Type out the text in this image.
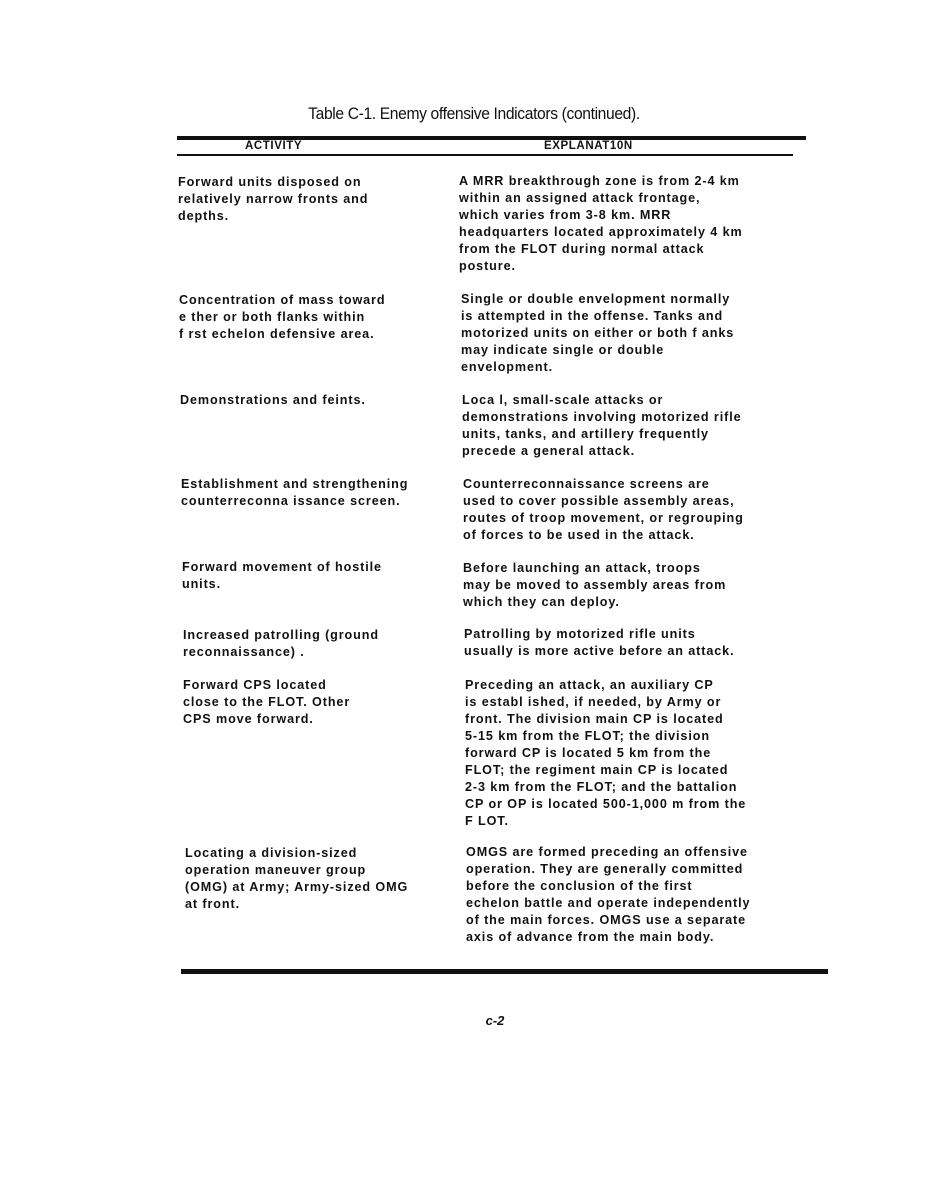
Table C-1. Enemy offensive Indicators (continued).
ACTIVITY	EXPLANAT10N
Forward units disposed on
relatively narrow fronts and
depths.
A MRR breakthrough zone is from 2-4 km
within an assigned attack frontage,
which varies from 3-8 km. MRR
headquarters located approximately 4 km
from the FLOT during normal attack
posture.
Concentration of mass toward
e ther or both flanks within
f rst echelon defensive area.
Single or double envelopment normally
is attempted in the offense. Tanks and
motorized units on either or both f anks
may indicate single or double
envelopment.
Demonstrations and feints.	Loca l, small-scale attacks or
demonstrations involving motorized rifle
units, tanks, and artillery frequently
precede a general attack.
Establishment and strengthening
counterreconna issance screen.
Counterreconnaissance screens are
used to cover possible assembly areas,
routes of troop movement, or regrouping
of forces to be used in the attack.
Forward movement of hostile
units.
Before launching an attack, troops
may be moved to assembly areas from
which they can deploy.
Increased patrolling (ground
reconnaissance) .
Patrolling by motorized rifle units
usually is more active before an attack.
Forward CPS located
close to the FLOT. Other
CPS move forward.
Preceding an attack, an auxiliary CP
is establ ished, if needed, by Army or
front. The division main CP is located
5-15 km from the FLOT; the division
forward CP is located 5 km from the
FLOT; the regiment main CP is located
2-3 km from the FLOT; and the battalion
CP or OP is located 500-1,000 m from the
F LOT.
Locating a division-sized
operation maneuver group
(OMG) at Army; Army-sized OMG
at front.
OMGS are formed preceding an offensive
operation. They are generally committed
before the conclusion of the first
echelon battle and operate independently
of the main forces. OMGS use a separate
axis of advance from the main body.
c-2
